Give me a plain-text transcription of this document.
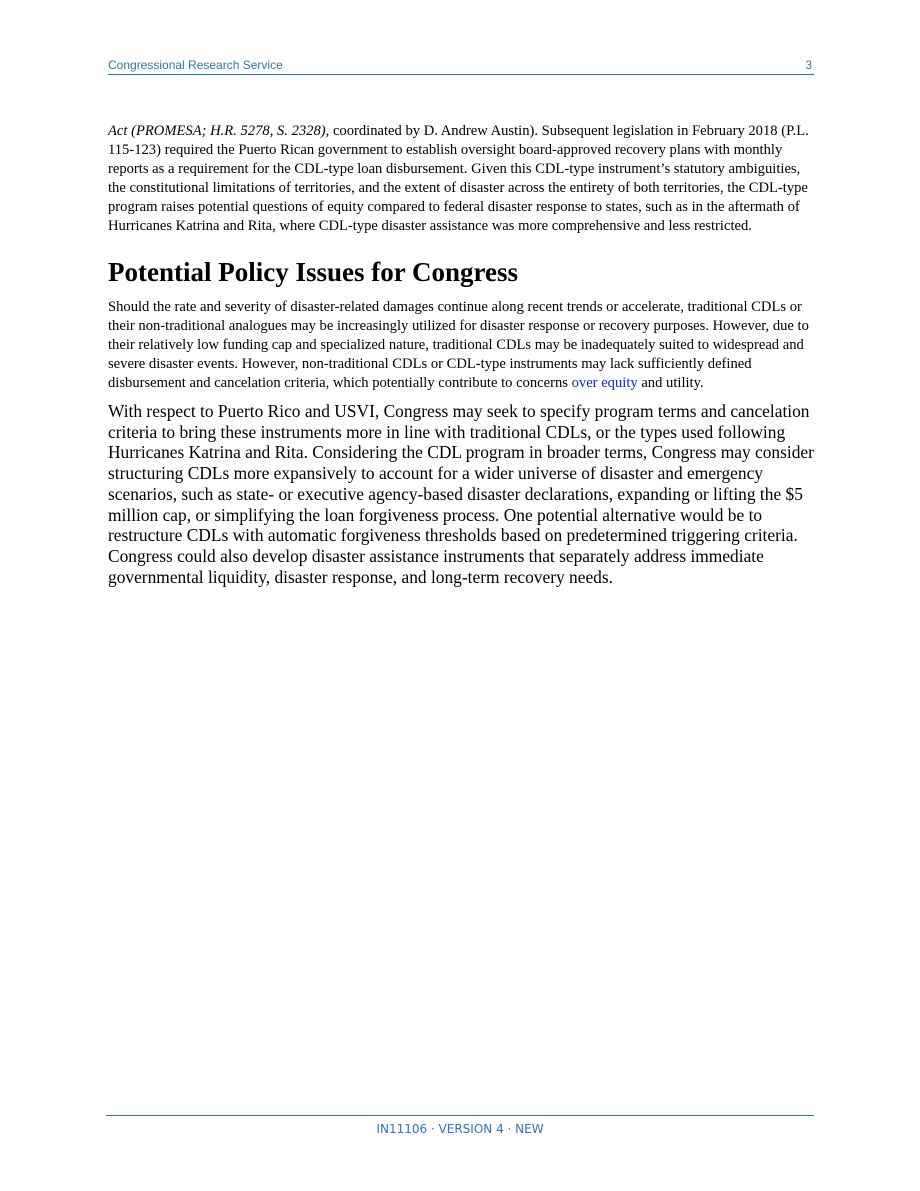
Congressional Research Service	3

Act (PROMESA; H.R. 5278, S. 2328), coordinated by D. Andrew Austin). Subsequent legislation in February 2018 (P.L. 115-123) required the Puerto Rican government to establish oversight board-approved recovery plans with monthly reports as a requirement for the CDL-type loan disbursement. Given this CDL-type instrument’s statutory ambiguities, the constitutional limitations of territories, and the extent of disaster across the entirety of both territories, the CDL-type program raises potential questions of equity compared to federal disaster response to states, such as in the aftermath of Hurricanes Katrina and Rita, where CDL-type disaster assistance was more comprehensive and less restricted.

Potential Policy Issues for Congress

Should the rate and severity of disaster-related damages continue along recent trends or accelerate, traditional CDLs or their non-traditional analogues may be increasingly utilized for disaster response or recovery purposes. However, due to their relatively low funding cap and specialized nature, traditional CDLs may be inadequately suited to widespread and severe disaster events. However, non-traditional CDLs or CDL-type instruments may lack sufficiently defined disbursement and cancelation criteria, which potentially contribute to concerns over equity and utility.

With respect to Puerto Rico and USVI, Congress may seek to specify program terms and cancelation criteria to bring these instruments more in line with traditional CDLs, or the types used following Hurricanes Katrina and Rita. Considering the CDL program in broader terms, Congress may consider structuring CDLs more expansively to account for a wider universe of disaster and emergency scenarios, such as state- or executive agency-based disaster declarations, expanding or lifting the $5 million cap, or simplifying the loan forgiveness process. One potential alternative would be to restructure CDLs with automatic forgiveness thresholds based on predetermined triggering criteria. Congress could also develop disaster assistance instruments that separately address immediate governmental liquidity, disaster response, and long-term recovery needs.

IN11106 · VERSION 4 · NEW
